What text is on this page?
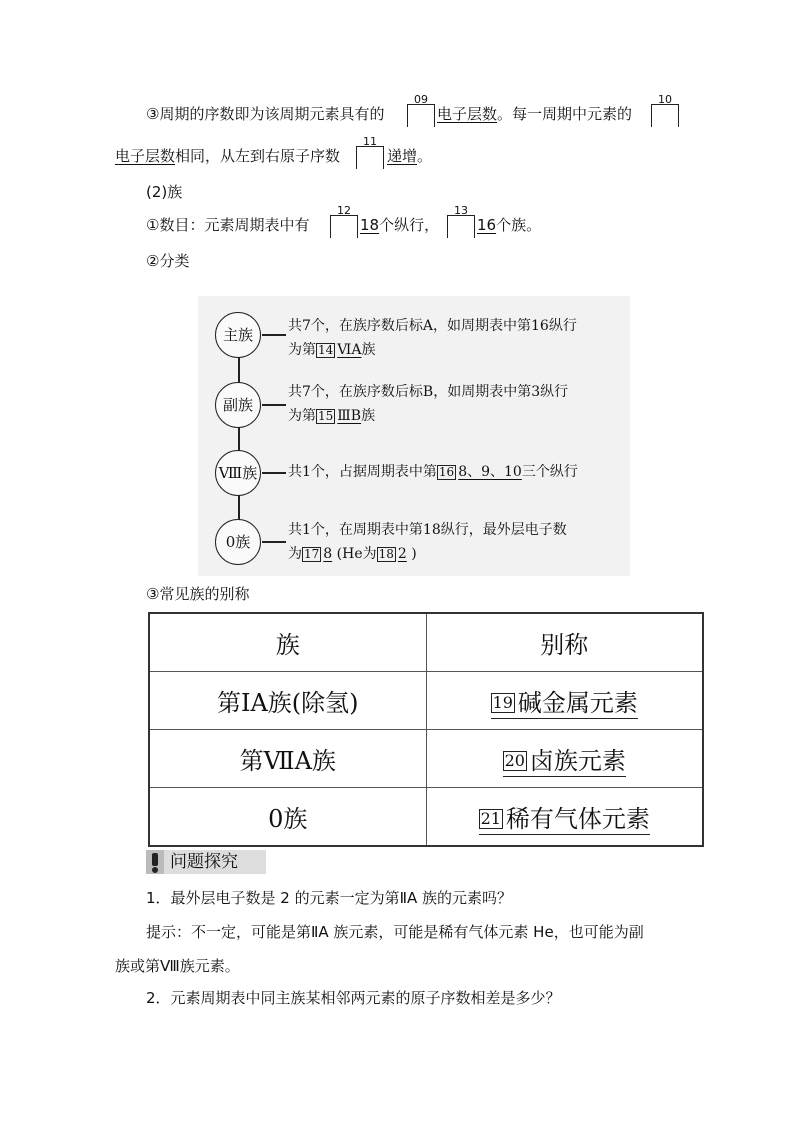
③周期的序数即为该周期元素具有的
09
电子层数。每一周期中元素的
10
电子层数相同，从左到右原子序数
11
递增。
(2)族
①数目：元素周期表中有
12
18个纵行，
13
16个族。
②分类
主族	共7个，在族序数后标A，如周期表中第16纵行
为第 14 ⅥA族
副族
共7个，在族序数后标B，如周期表中第3纵行
为第 15 ⅢB族
Ⅷ族 共1个，占据周期表中第 16 8、9、10三个纵行
0族
共1个，在周期表中第18纵行，最外层电子数
为 17 8 (He为 18 2 )
③常见族的别称
族	别称
第ⅠA族(除氢)	19 碱金属元素
第ⅦA族	20 卤族元素
0族	21 稀有气体元素
问题探究
1．最外层电子数是 2 的元素一定为第ⅡA 族的元素吗？
提示：不一定，可能是第ⅡA 族元素，可能是稀有气体元素 He，也可能为副
族或第Ⅷ族元素。
2．元素周期表中同主族某相邻两元素的原子序数相差是多少？
